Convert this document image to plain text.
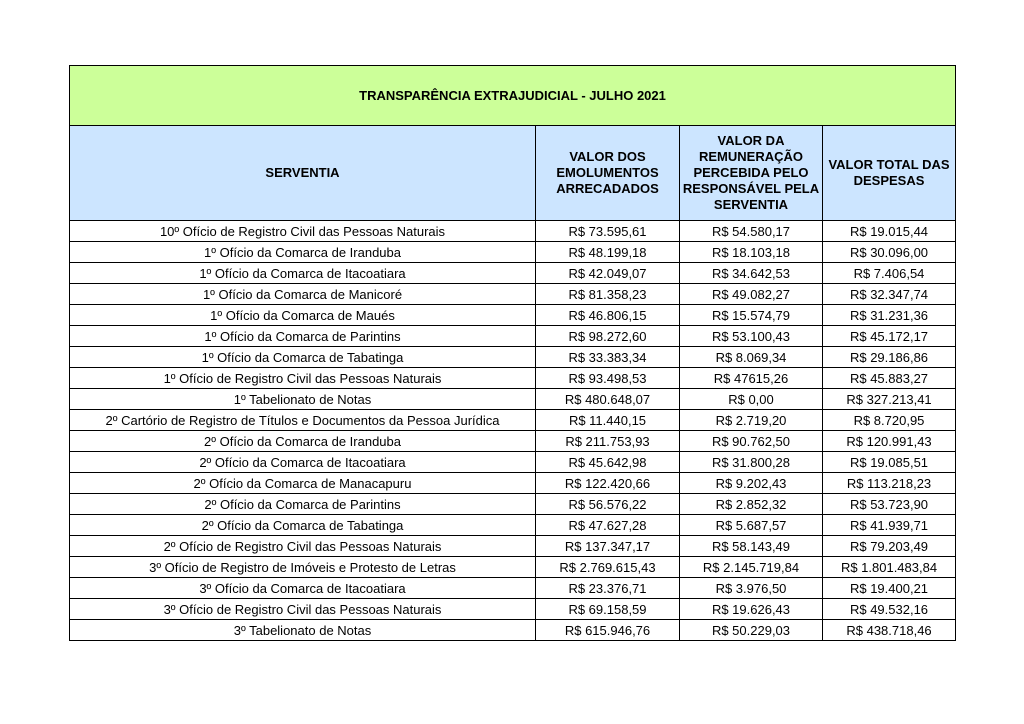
TRANSPARÊNCIA EXTRAJUDICIAL - JULHO 2021			
SERVENTIA	VALOR DOS EMOLUMENTOS ARRECADADOS	VALOR DA REMUNERAÇÃO PERCEBIDA PELO RESPONSÁVEL PELA SERVENTIA	VALOR TOTAL DAS DESPESAS
10º Ofício de Registro Civil das Pessoas Naturais	R$ 73.595,61	R$ 54.580,17	R$ 19.015,44
1º Ofício da Comarca de Iranduba	R$ 48.199,18	R$ 18.103,18	R$ 30.096,00
1º Ofício da Comarca de Itacoatiara	R$ 42.049,07	R$ 34.642,53	R$ 7.406,54
1º Ofício da Comarca de Manicoré	R$ 81.358,23	R$ 49.082,27	R$ 32.347,74
1º Ofício da Comarca de Maués	R$ 46.806,15	R$ 15.574,79	R$ 31.231,36
1º Ofício da Comarca de Parintins	R$ 98.272,60	R$ 53.100,43	R$ 45.172,17
1º Ofício da Comarca de Tabatinga	R$ 33.383,34	R$ 8.069,34	R$ 29.186,86
1º Ofício de Registro Civil das Pessoas Naturais	R$ 93.498,53	R$ 47615,26	R$ 45.883,27
1º Tabelionato de Notas	R$ 480.648,07	R$ 0,00	R$ 327.213,41
2º Cartório de Registro de Títulos e Documentos da Pessoa Jurídica	R$ 11.440,15	R$ 2.719,20	R$ 8.720,95
2º Ofício da Comarca de Iranduba	R$ 211.753,93	R$ 90.762,50	R$ 120.991,43
2º Ofício da Comarca de Itacoatiara	R$ 45.642,98	R$ 31.800,28	R$ 19.085,51
2º Ofício da Comarca de Manacapuru	R$ 122.420,66	R$ 9.202,43	R$ 113.218,23
2º Ofício da Comarca de Parintins	R$ 56.576,22	R$ 2.852,32	R$ 53.723,90
2º Ofício da Comarca de Tabatinga	R$ 47.627,28	R$ 5.687,57	R$ 41.939,71
2º Ofício de Registro Civil das Pessoas Naturais	R$ 137.347,17	R$ 58.143,49	R$ 79.203,49
3º Ofício de Registro de Imóveis e Protesto de Letras	R$ 2.769.615,43	R$ 2.145.719,84	R$ 1.801.483,84
3º Ofício da Comarca de Itacoatiara	R$ 23.376,71	R$ 3.976,50	R$ 19.400,21
3º Ofício de Registro Civil das Pessoas Naturais	R$ 69.158,59	R$ 19.626,43	R$ 49.532,16
3º Tabelionato de Notas	R$ 615.946,76	R$ 50.229,03	R$ 438.718,46
